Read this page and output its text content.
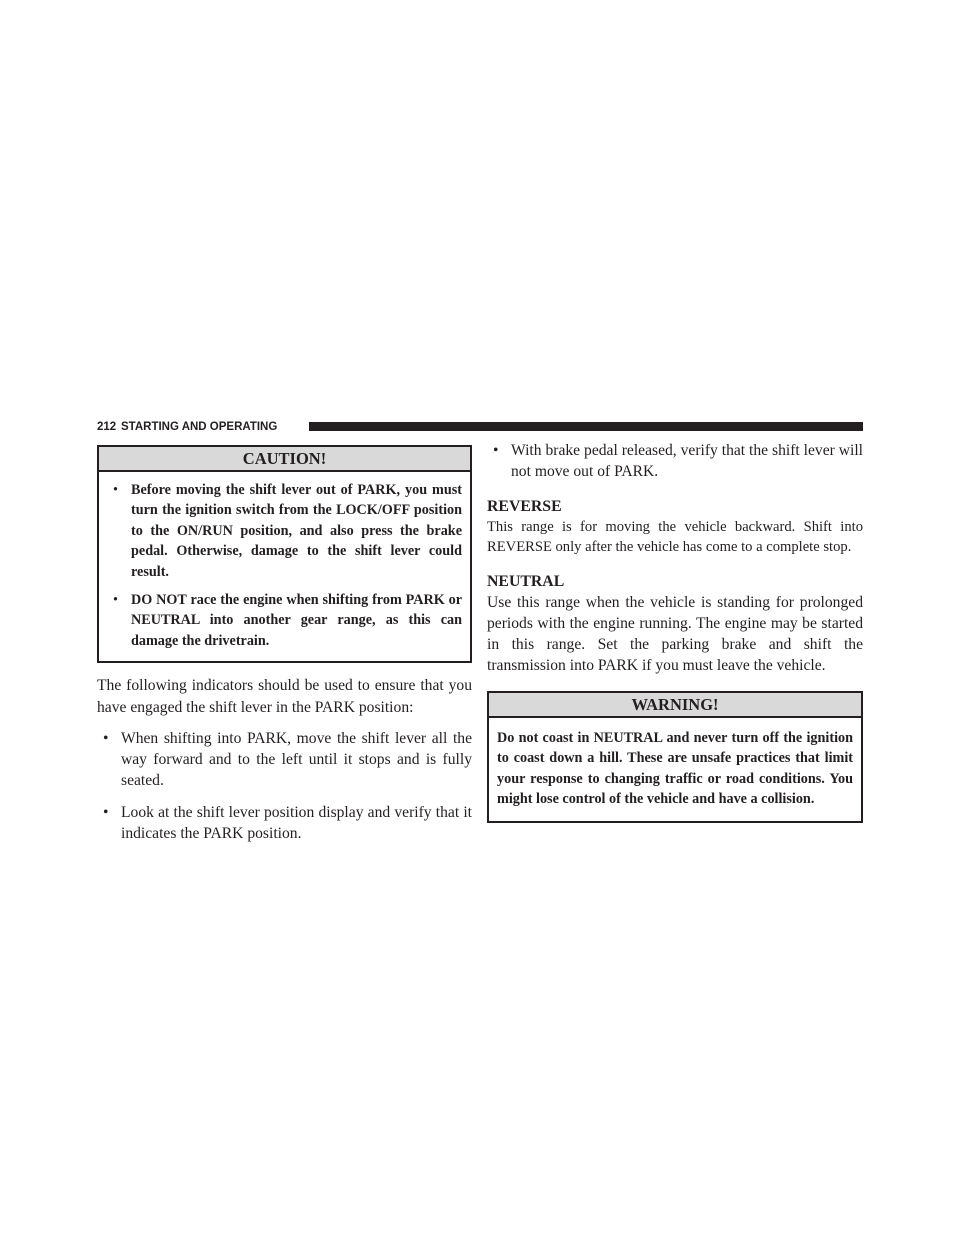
212 STARTING AND OPERATING
CAUTION!
• Before moving the shift lever out of PARK, you must turn the ignition switch from the LOCK/OFF position to the ON/RUN position, and also press the brake pedal. Otherwise, damage to the shift lever could result.
• DO NOT race the engine when shifting from PARK or NEUTRAL into another gear range, as this can damage the drivetrain.

The following indicators should be used to ensure that you have engaged the shift lever in the PARK position:

• When shifting into PARK, move the shift lever all the way forward and to the left until it stops and is fully seated.
• Look at the shift lever position display and verify that it indicates the PARK position.
• With brake pedal released, verify that the shift lever will not move out of PARK.
REVERSE

This range is for moving the vehicle backward. Shift into REVERSE only after the vehicle has come to a complete stop.

NEUTRAL

Use this range when the vehicle is standing for prolonged periods with the engine running. The engine may be started in this range. Set the parking brake and shift the transmission into PARK if you must leave the vehicle.

WARNING!
Do not coast in NEUTRAL and never turn off the ignition to coast down a hill. These are unsafe practices that limit your response to changing traffic or road conditions. You might lose control of the vehicle and have a collision.
